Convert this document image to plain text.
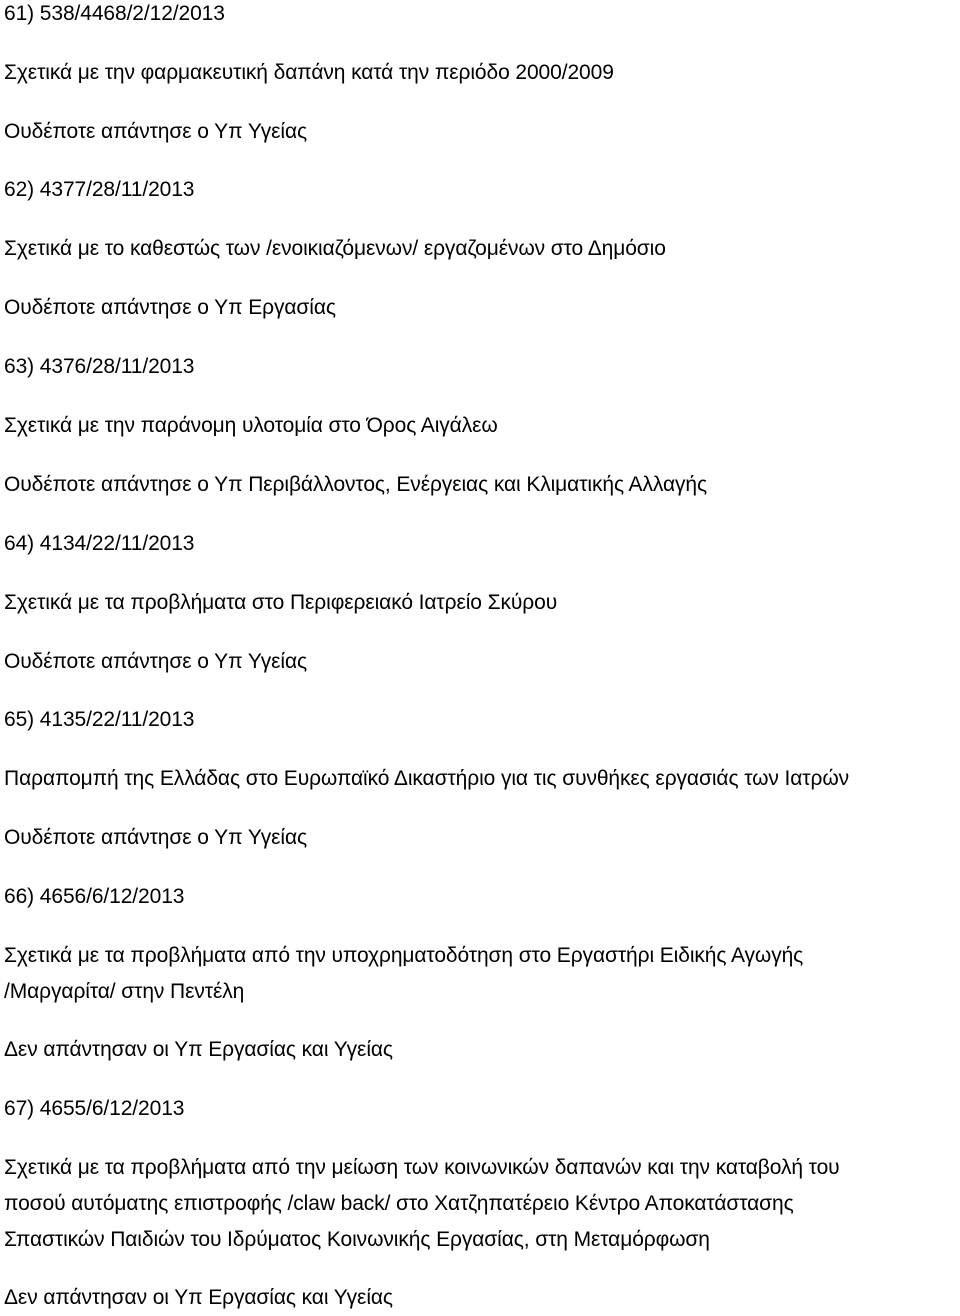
61) 538/4468/2/12/2013
Σχετικά με την φαρμακευτική δαπάνη κατά την περιόδο 2000/2009
Ουδέποτε απάντησε ο Υπ Υγείας
62) 4377/28/11/2013
Σχετικά με το καθεστώς των /ενοικιαζόμενων/ εργαζομένων στο Δημόσιο
Ουδέποτε απάντησε ο Υπ Εργασίας
63) 4376/28/11/2013
Σχετικά με την παράνομη υλοτομία στο Όρος Αιγάλεω
Ουδέποτε απάντησε ο Υπ Περιβάλλοντος, Ενέργειας και Κλιματικής Αλλαγής
64) 4134/22/11/2013
Σχετικά με τα προβλήματα στο Περιφερειακό Ιατρείο Σκύρου
Ουδέποτε απάντησε ο Υπ Υγείας
65) 4135/22/11/2013
Παραπομπή της Ελλάδας στο Ευρωπαϊκό Δικαστήριο για τις συνθήκες εργασιάς των Ιατρών
Ουδέποτε απάντησε ο Υπ Υγείας
66) 4656/6/12/2013
Σχετικά με τα προβλήματα από την υποχρηματοδότηση στο Εργαστήρι Ειδικής Αγωγής
/Μαργαρίτα/ στην Πεντέλη
Δεν απάντησαν οι Υπ Εργασίας και Υγείας
67) 4655/6/12/2013
Σχετικά με τα προβλήματα από την μείωση των κοινωνικών δαπανών και την καταβολή του
ποσού αυτόματης επιστροφής /claw back/ στο Χατζηπατέρειο Κέντρο Αποκατάστασης
Σπαστικών Παιδιών του Ιδρύματος Κοινωνικής Εργασίας, στη Μεταμόρφωση
Δεν απάντησαν οι Υπ Εργασίας και Υγείας
